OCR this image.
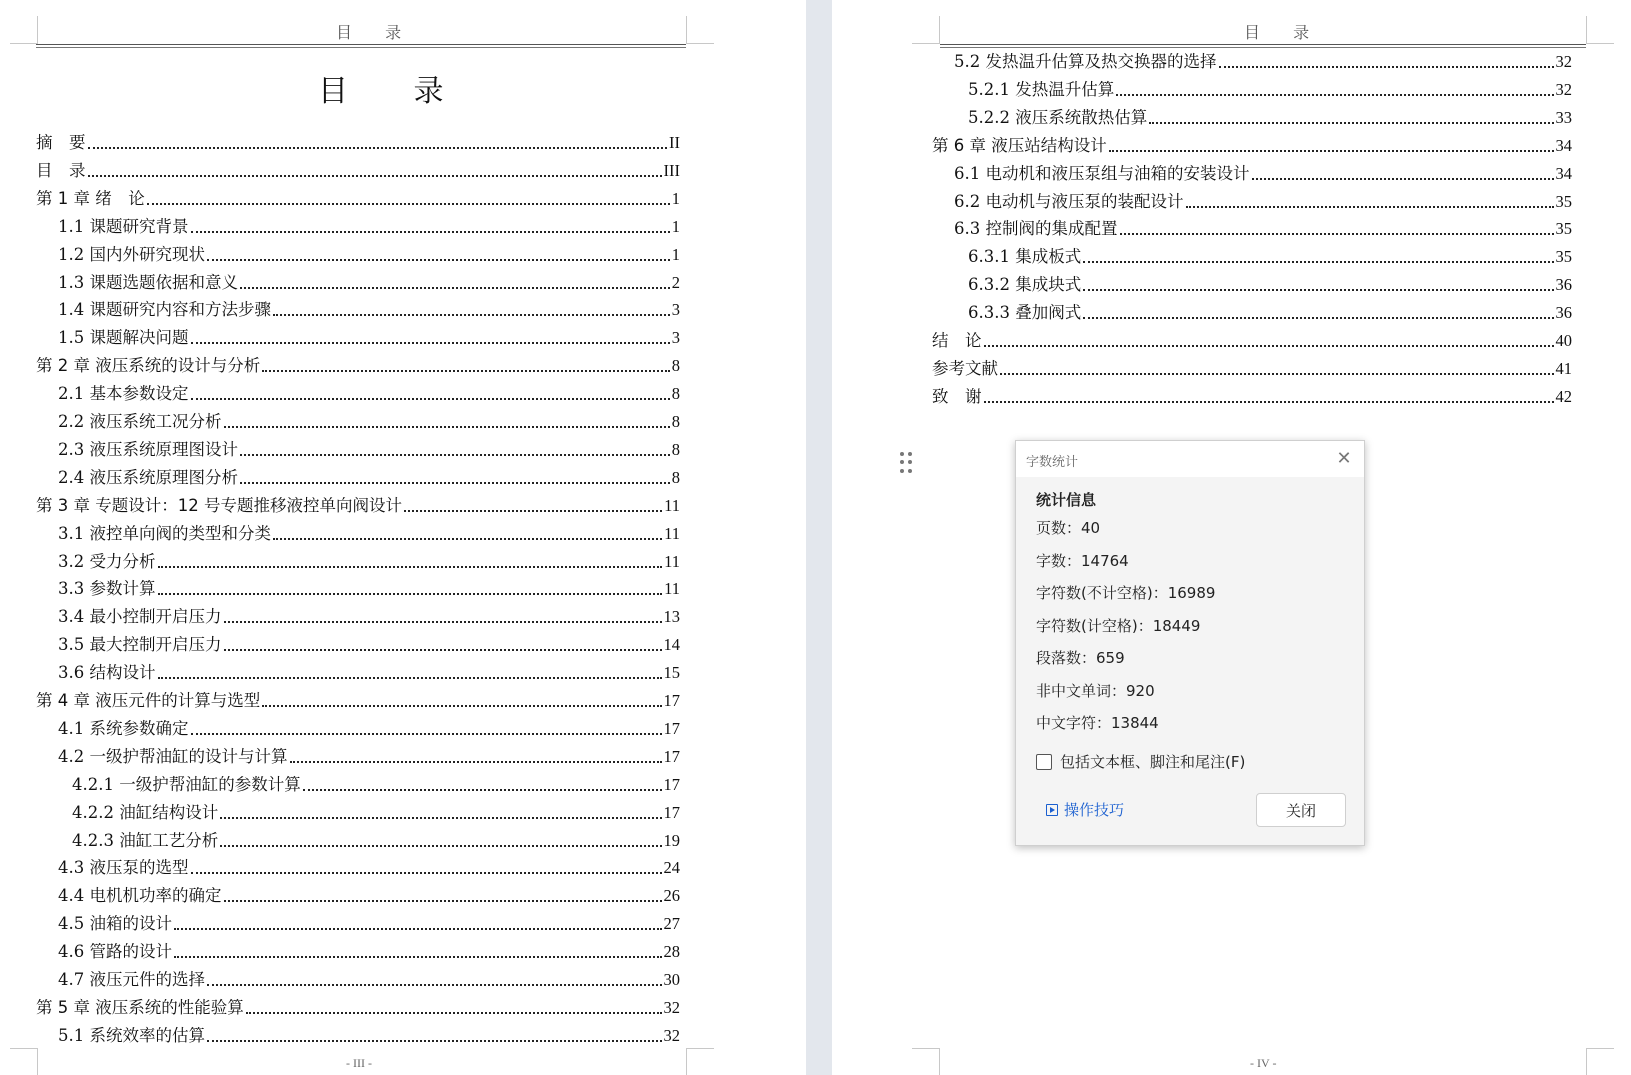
目 录
目 录
摘　要	II
目　录	III
第 1 章 绪　论	1
1.1 课题研究背景	1
1.2 国内外研究现状	1
1.3 课题选题依据和意义	2
1.4 课题研究内容和方法步骤	3
1.5 课题解决问题	3
第 2 章 液压系统的设计与分析	8
2.1 基本参数设定	8
2.2 液压系统工况分析	8
2.3 液压系统原理图设计	8
2.4 液压系统原理图分析	8
第 3 章 专题设计：12 号专题推移液控单向阀设计	11
3.1 液控单向阀的类型和分类	11
3.2 受力分析	11
3.3 参数计算	11
3.4 最小控制开启压力	13
3.5 最大控制开启压力	14
3.6 结构设计	15
第 4 章 液压元件的计算与选型	17
4.1 系统参数确定	17
4.2 一级护帮油缸的设计与计算	17
4.2.1 一级护帮油缸的参数计算	17
4.2.2 油缸结构设计	17
4.2.3 油缸工艺分析	19
4.3 液压泵的选型	24
4.4 电机机功率的确定	26
4.5 油箱的设计	27
4.6 管路的设计	28
4.7 液压元件的选择	30
第 5 章 液压系统的性能验算	32
5.1 系统效率的估算	32
- III -
目 录
5.2 发热温升估算及热交换器的选择	32
5.2.1 发热温升估算	32
5.2.2 液压系统散热估算	33
第 6 章 液压站结构设计	34
6.1 电动机和液压泵组与油箱的安装设计	34
6.2 电动机与液压泵的装配设计	35
6.3 控制阀的集成配置	35
6.3.1 集成板式	35
6.3.2 集成块式	36
6.3.3 叠加阀式	36
结　论	40
参考文献	41
致　谢	42
- IV -
字数统计	✕
统计信息
页数：40
字数：14764
字符数(不计空格)：16989
字符数(计空格)：18449
段落数：659
非中文单词：920
中文字符：13844
包括文本框、脚注和尾注(F)
操作技巧	关闭
